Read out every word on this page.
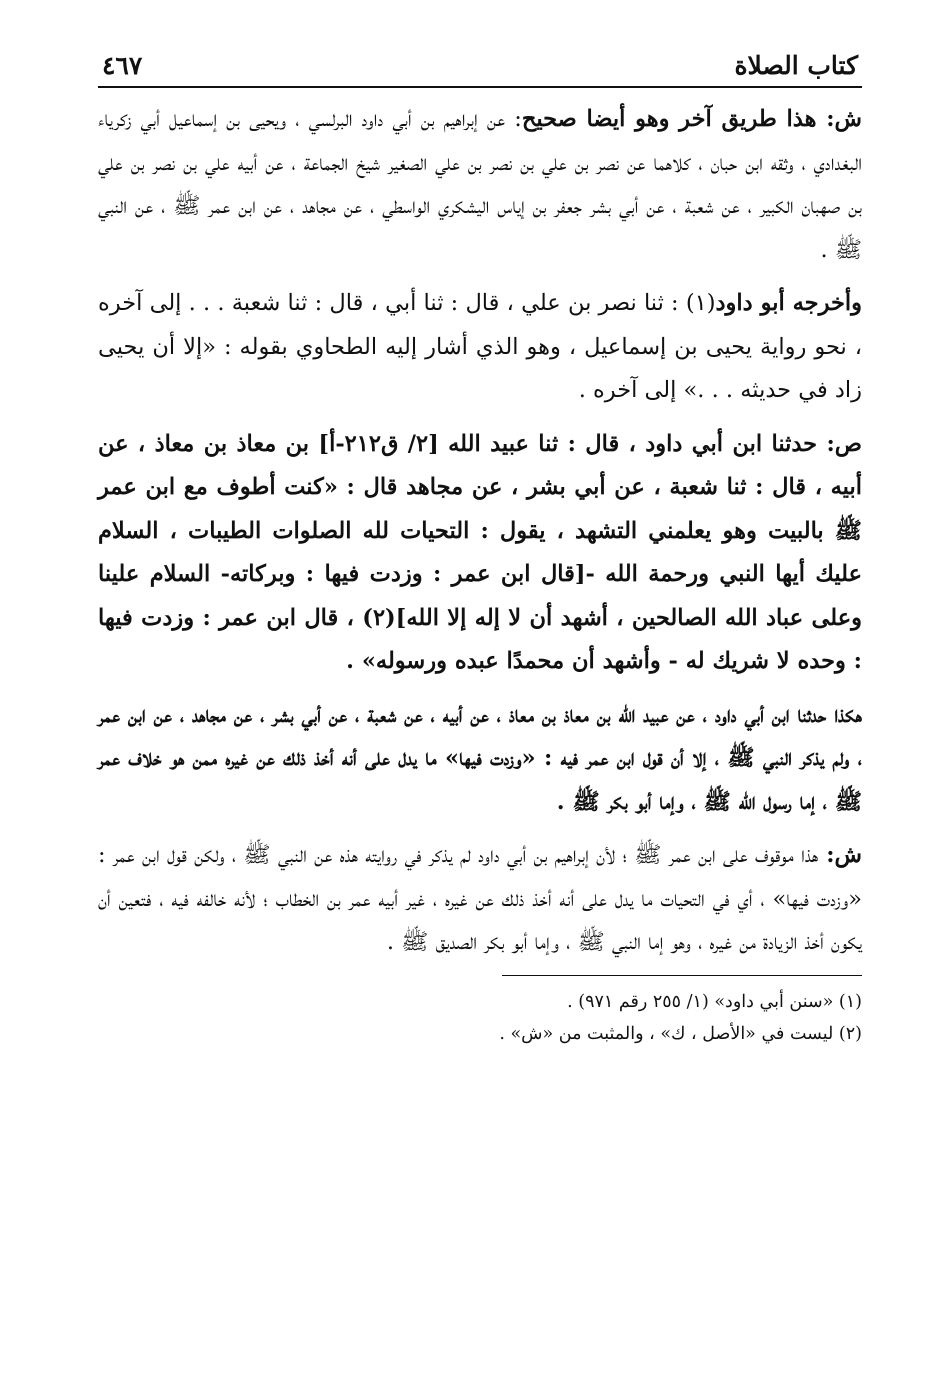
كتاب الصلاة
٤٦٧

ش: هذا طريق آخر وهو أيضا صحيح: عن إبراهيم بن أبي داود البرلسي ، ويحيى بن إسماعيل أبي زكرياء البغدادي ، وثقه ابن حبان ، كلاهما عن نصر بن علي بن نصر بن علي الصغير شيخ الجماعة ، عن أبيه علي بن نصر بن علي بن صهبان الكبير ، عن شعبة ، عن أبي بشر جعفر بن إياس اليشكري الواسطي ، عن مجاهد ، عن ابن عمر ﷺ ، عن النبي ﷺ .

وأخرجه أبو داود(١) : ثنا نصر بن علي ، قال : ثنا أبي ، قال : ثنا شعبة . . . إلى آخره ، نحو رواية يحيى بن إسماعيل ، وهو الذي أشار إليه الطحاوي بقوله : «إلا أن يحيى زاد في حديثه . . .» إلى آخره .

ص: حدثنا ابن أبي داود ، قال : ثنا عبيد الله [٢/ ق٢١٢-أ] بن معاذ بن معاذ ، عن أبيه ، قال : ثنا شعبة ، عن أبي بشر ، عن مجاهد قال : «كنت أطوف مع ابن عمر ﷺ بالبيت وهو يعلمني التشهد ، يقول : التحيات لله الصلوات الطيبات ، السلام عليك أيها النبي ورحمة الله -[قال ابن عمر : وزدت فيها : وبركاته- السلام علينا وعلى عباد الله الصالحين ، أشهد أن لا إله إلا الله](٢) ، قال ابن عمر : وزدت فيها : وحده لا شريك له - وأشهد أن محمدًا عبده ورسوله» .

هكذا حدثنا ابن أبي داود ، عن عبيد الله بن معاذ بن معاذ ، عن أبيه ، عن شعبة ، عن أبي بشر ، عن مجاهد ، عن ابن عمر ، ولم يذكر النبي ﷺ ، إلا أن قول ابن عمر فيه : «وزدت فيها» ما يدل على أنه أخذ ذلك عن غيره ممن هو خلاف عمر ﷺ ، إما رسول الله ﷺ ، وإما أبو بكر ﷺ .

ش: هذا موقوف على ابن عمر ﷺ ؛ لأن إبراهيم بن أبي داود لم يذكر في روايته هذه عن النبي ﷺ ، ولكن قول ابن عمر : «وزدت فيها» ، أي في التحيات ما يدل على أنه أخذ ذلك عن غيره ، غير أبيه عمر بن الخطاب ؛ لأنه خالفه فيه ، فتعين أن يكون أخذ الزيادة من غيره ، وهو إما النبي ﷺ ، وإما أبو بكر الصديق ﷺ .

(١) «سنن أبي داود» (١/ ٢٥٥ رقم ٩٧١) .
(٢) ليست في «الأصل ، ك» ، والمثبت من «ش» .
